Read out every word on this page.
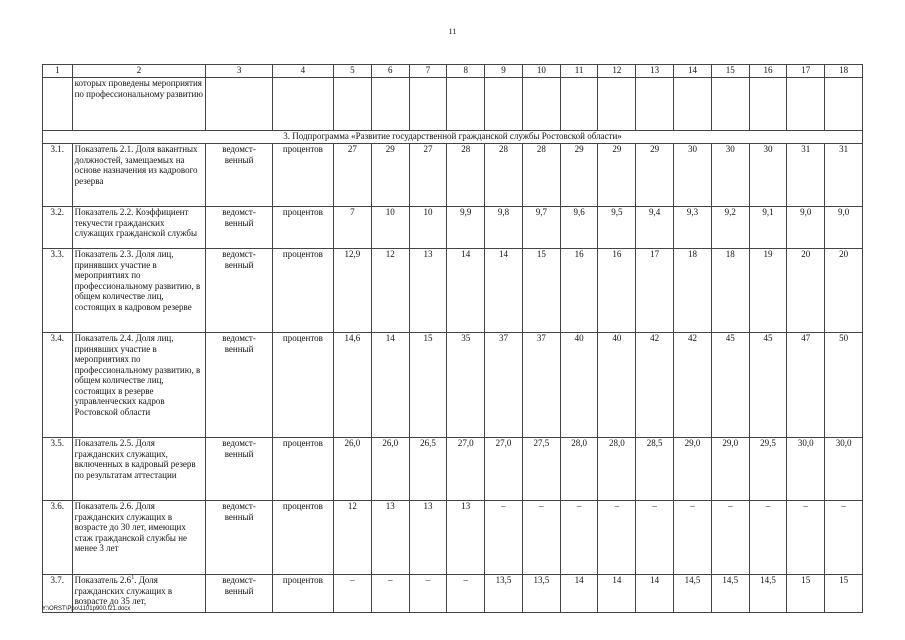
11
1	2	3	4	5	6	7	8	9	10	11	12	13	14	15	16	17	18
	которых проведены мероприятия по профессиональному развитию																
3. Подпрограмма «Развитие государственной гражданской службы Ростовской области»																	
3.1.	Показатель 2.1. Доля вакантных должностей, замещаемых на основе назначения из кадрового резерва	ведомст-венный	процентов	27	29	27	28	28	28	29	29	29	30	30	30	31	31
3.2.	Показатель 2.2. Коэффициент текучести гражданских служащих гражданской службы	ведомст-венный	процентов	7	10	10	9,9	9,8	9,7	9,6	9,5	9,4	9,3	9,2	9,1	9,0	9,0
3.3.	Показатель 2.3. Доля лиц, принявших участие в мероприятиях по профессиональному развитию, в общем количестве лиц, состоящих в кадровом резерве	ведомст-венный	процентов	12,9	12	13	14	14	15	16	16	17	18	18	19	20	20
3.4.	Показатель 2.4. Доля лиц, принявших участие в мероприятиях по профессиональному развитию, в общем количестве лиц, состоящих в резерве управленческих кадров Ростовской области	ведомст-венный	процентов	14,6	14	15	35	37	37	40	40	42	42	45	45	47	50
3.5.	Показатель 2.5. Доля гражданских служащих, включенных в кадровый резерв по результатам аттестации	ведомст-венный	процентов	26,0	26,0	26,5	27,0	27,0	27,5	28,0	28,0	28,5	29,0	29,0	29,5	30,0	30,0
3.6.	Показатель 2.6. Доля гражданских служащих в возрасте до 30 лет, имеющих стаж гражданской службы не менее 3 лет	ведомст-венный	процентов	12	13	13	13	–	–	–	–	–	–	–	–	–	–
3.7.	Показатель $2.6^1$. Доля гражданских служащих в возрасте до 35 лет,	ведомст-венный	процентов	–	–	–	–	13,5	13,5	14	14	14	14,5	14,5	14,5	15	15
Y:\ORST\Ppo\1101p900.f21.docx
